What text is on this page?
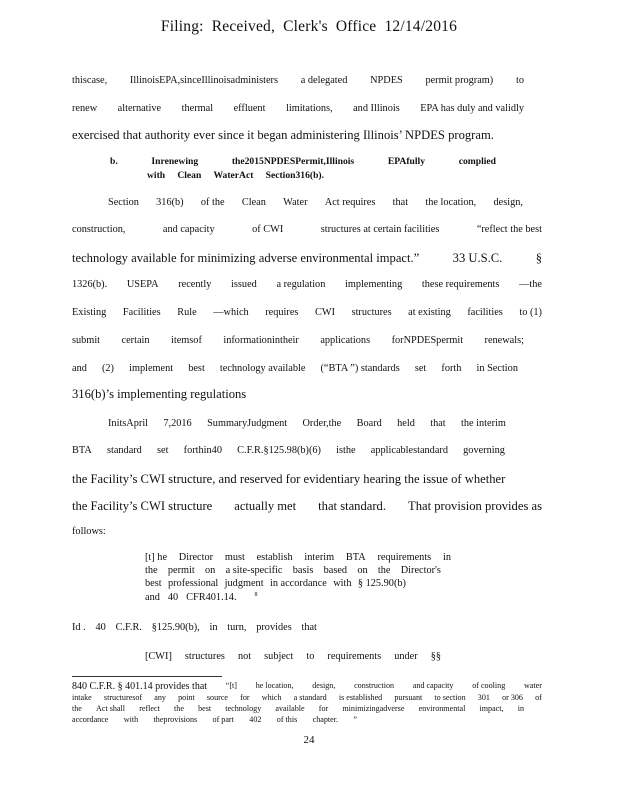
Filing: Received, Clerk's Office 12/14/2016
thiscase, IllinoisEPA,sinceIllinoisadministers a delegated NPDES permit program) to
renew alternative thermal effluent limitations, and Illinois EPA has duly and validly
exercised that authority ever since it began administering Illinois’ NPDES program.
b.	Inrenewing	the2015NPDESPermit,Illinois	EPAfully	complied
with Clean WaterAct Section316(b).
Section 316(b) of the Clean Water Act requires that the location, design,
construction,	and capacity	of CWI	structures at certain facilities	“reflect the best
technology available for minimizing adverse environmental impact.”	33 U.S.C.	§
1326(b). USEPA recently issued a regulation implementing these requirements —the
Existing Facilities Rule —which requires CWI structures at existing facilities to (1)
submit certain itemsof informationintheir applications forNPDESpermit renewals;
and (2) implement best technology available (“BTA ”) standards set forth in Section
316(b)’s implementing regulations
InitsApril 7,2016 SummaryJudgment Order,the Board held that the interim
BTA standard set forthin40 C.F.R.§125.98(b)(6) isthe applicablestandard governing
the Facility’s CWI structure, and reserved for evidentiary hearing the issue of whether
the Facility’s CWI structure actually met that standard. That provision provides as
follows:
[t] he Director must establish interim BTA requirements in
the permit on a site-specific basis based on the Director's
best professional judgment in accordance with § 125.90(b)
and 40 CFR401.14.	8
Id . 40 C.F.R. §125.90(b), in turn, provides that
[CWI] structures not subject to requirements under §§
840 C.F.R. § 401.14 provides that “[t] he location, design, construction and capacity of cooling water
intake structuresof any point source for which a standard is established pursuant to section 301 or 306 of
the Act shall reflect the best technology available for minimizingadverse environmental impact, in
accordance with theprovisions of part 402 of this chapter. ”
24
